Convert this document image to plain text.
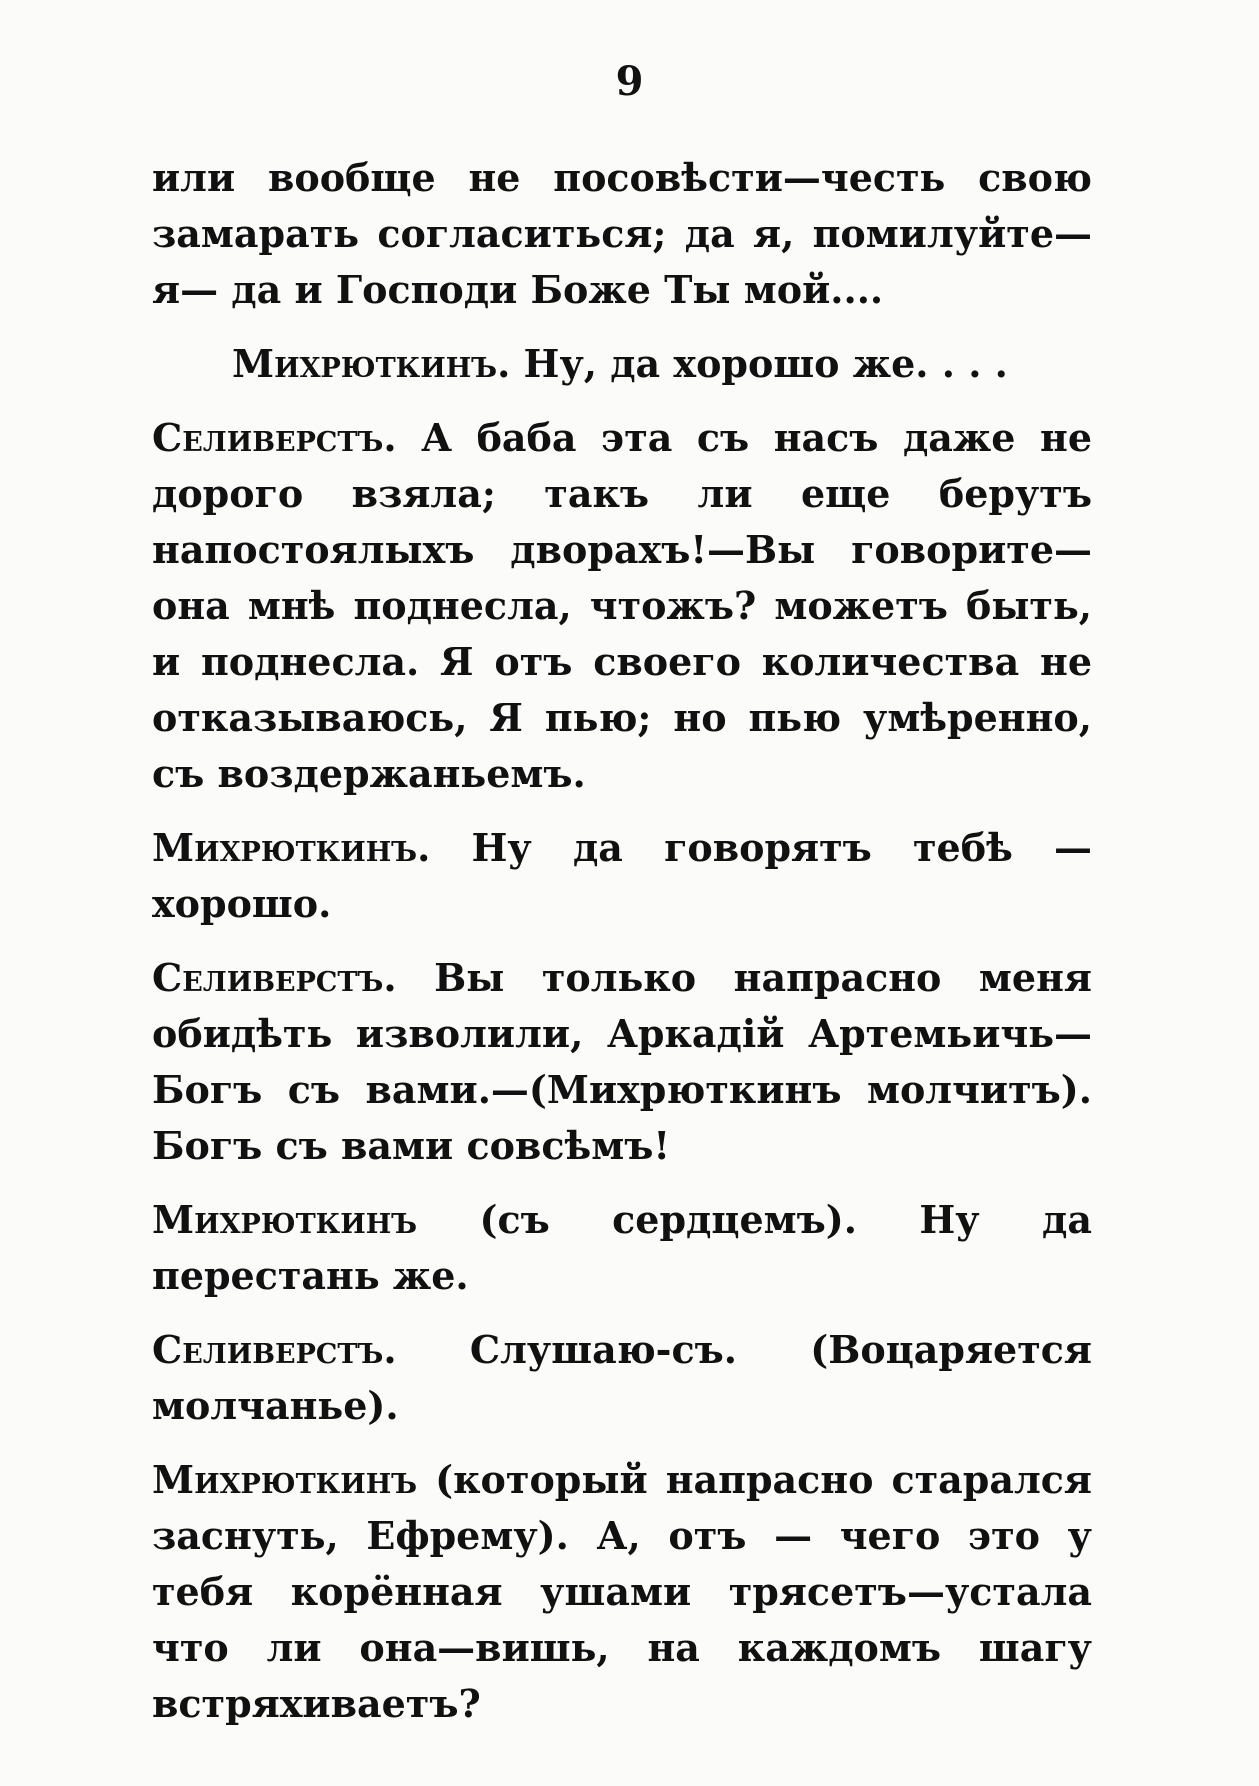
9

или вообще не посовѣсти—честь свою замарать согласиться; да я, помилуйте— я— да и Господи Боже Ты мой....

Михрюткинъ. Ну, да хорошо же. . . .

Селиверстъ. А баба эта съ насъ даже не дорого взяла; такъ ли еще берутъ напостоялыхъ дворахъ!—Вы говорите—она мнѣ поднесла, чтожъ? можетъ быть, и поднесла. Я отъ своего количества не отказываюсь, Я пью; но пью умѣренно, съ воздержаньемъ.

Михрюткинъ. Ну да говорятъ тебѣ — хорошо.

Селиверстъ. Вы только напрасно меня обидѣть изволили, Аркадій Артемьичь—Богъ съ вами.—(Михрюткинъ молчитъ). Богъ съ вами совсѣмъ!

Михрюткинъ (съ сердцемъ). Ну да перестань же.

Селиверстъ. Слушаю-съ. (Воцаряется молчанье).

Михрюткинъ (который напрасно старался заснуть, Ефрему). А, отъ — чего это у тебя корённая ушами трясетъ—устала что ли она—вишь, на каждомъ шагу встряхиваетъ?
